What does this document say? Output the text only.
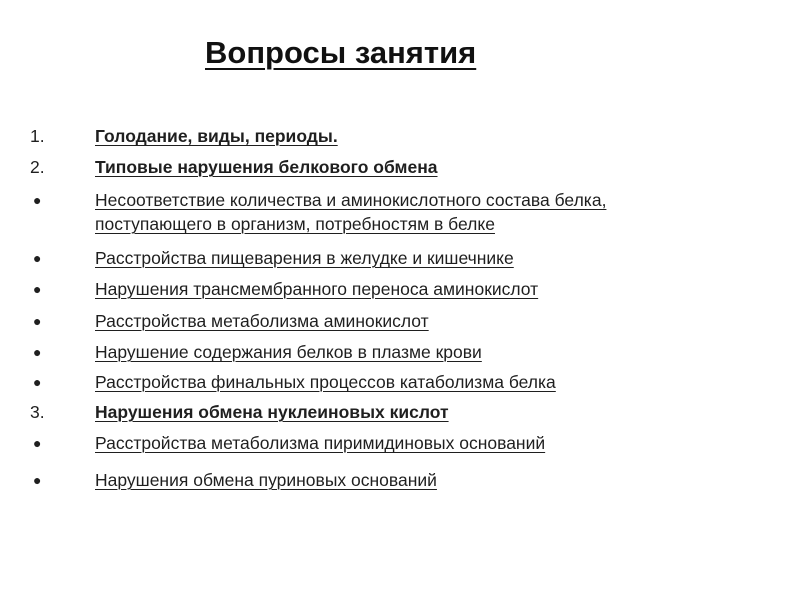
Вопросы занятия
1.	Голодание, виды, периоды.
2.	Типовые нарушения белкового обмена
●	Несоответствие количества и аминокислотного состава белка,
поступающего в организм, потребностям в белке
●	Расстройства пищеварения в желудке и кишечнике
●	Нарушения трансмембранного переноса аминокислот
●	Расстройства метаболизма аминокислот
●	Нарушение содержания белков в плазме крови
●	Расстройства финальных процессов катаболизма белка
3.	Нарушения обмена нуклеиновых кислот
●	Расстройства метаболизма пиримидиновых оснований
●	Нарушения обмена пуриновых оснований
